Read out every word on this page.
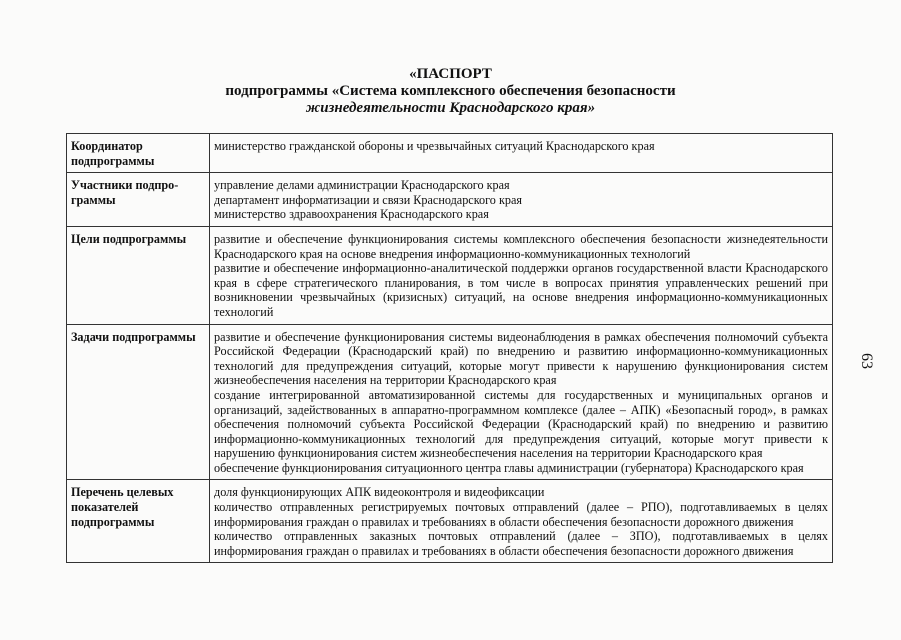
«ПАСПОРТ
подпрограммы «Система комплексного обеспечения безопасности
жизнедеятельности Краснодарского края»
Координатор подпрограммы	министерство гражданской обороны и чрезвычайных ситуаций Краснодарского края

Участники подпро-граммы	управление делами администрации Краснодарского края
департамент информатизации и связи Краснодарского края
министерство здравоохранения Краснодарского края

Цели подпрограммы	развитие и обеспечение функционирования системы комплексного обеспечения безопасности жизнедеятельности Краснодарского края на основе внедрения информационно-коммуникационных технологий
развитие и обеспечение информационно-аналитической поддержки органов государственной власти Краснодарского края в сфере стратегического планирования, в том числе в вопросах принятия управленческих решений при возникновении чрезвычайных (кризисных) ситуаций, на основе внедрения информационно-коммуникационных технологий

Задачи подпрограммы	развитие и обеспечение функционирования системы видеонаблюдения в рамках обеспечения полномочий субъекта Российской Федерации (Краснодарский край) по внедрению и развитию информационно-коммуникационных технологий для предупреждения ситуаций, которые могут привести к нарушению функционирования систем жизнеобеспечения населения на территории Краснодарского края
создание интегрированной автоматизированной системы для государственных и муниципальных органов и организаций, задействованных в аппаратно-программном комплексе (далее – АПК) «Безопасный город», в рамках обеспечения полномочий субъекта Российской Федерации (Краснодарский край) по внедрению и развитию информационно-коммуникационных технологий для предупреждения ситуаций, которые могут привести к нарушению функционирования систем жизнеобеспечения населения на территории Краснодарского края
обеспечение функционирования ситуационного центра главы администрации (губернатора) Краснодарского края

Перечень целевых показателей подпрограммы	доля функционирующих АПК видеоконтроля и видеофиксации
количество отправленных регистрируемых почтовых отправлений (далее – РПО), подготавливаемых в целях информирования граждан о правилах и требованиях в области обеспечения безопасности дорожного движения
количество отправленных заказных почтовых отправлений (далее – ЗПО), подготавливаемых в целях информирования граждан о правилах и требованиях в области обеспечения безопасности дорожного движения
63
